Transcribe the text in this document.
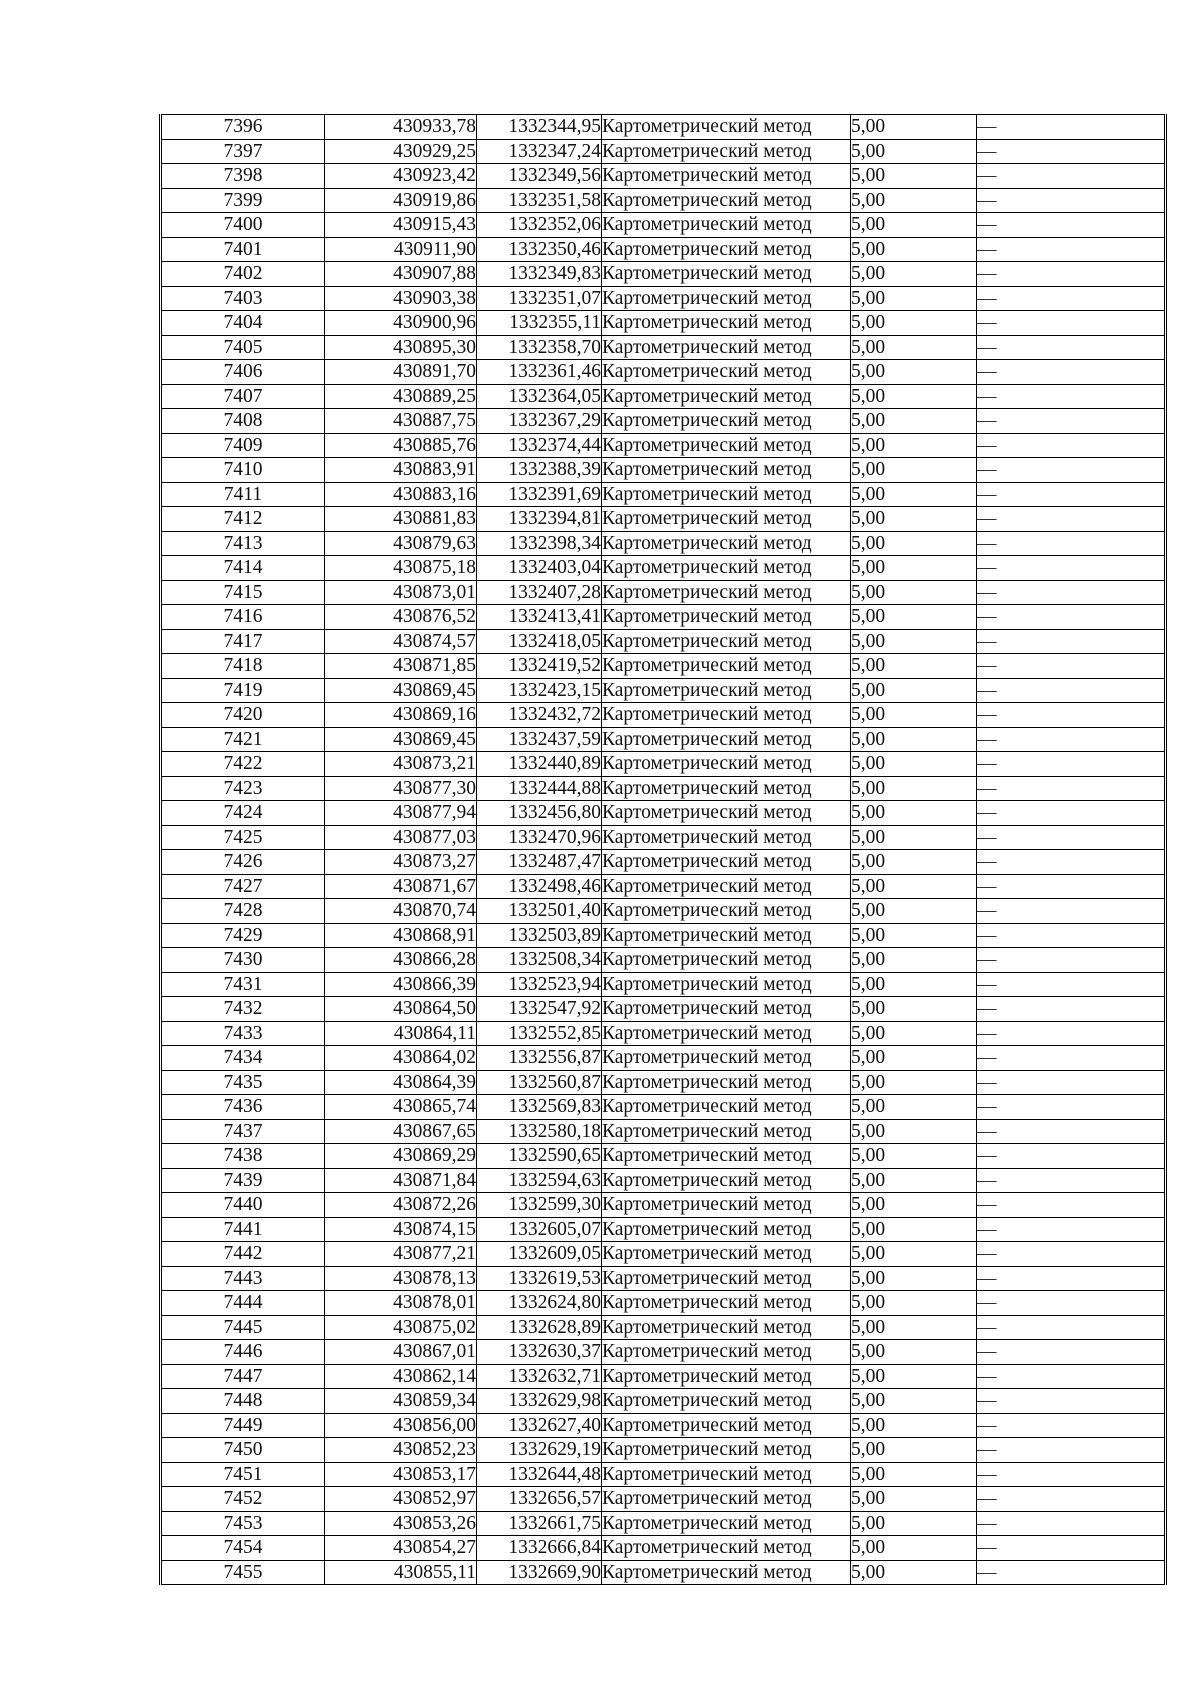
7396	430933,78	1332344,95	Картометрический метод	5,00	—
7397	430929,25	1332347,24	Картометрический метод	5,00	—
7398	430923,42	1332349,56	Картометрический метод	5,00	—
7399	430919,86	1332351,58	Картометрический метод	5,00	—
7400	430915,43	1332352,06	Картометрический метод	5,00	—
7401	430911,90	1332350,46	Картометрический метод	5,00	—
7402	430907,88	1332349,83	Картометрический метод	5,00	—
7403	430903,38	1332351,07	Картометрический метод	5,00	—
7404	430900,96	1332355,11	Картометрический метод	5,00	—
7405	430895,30	1332358,70	Картометрический метод	5,00	—
7406	430891,70	1332361,46	Картометрический метод	5,00	—
7407	430889,25	1332364,05	Картометрический метод	5,00	—
7408	430887,75	1332367,29	Картометрический метод	5,00	—
7409	430885,76	1332374,44	Картометрический метод	5,00	—
7410	430883,91	1332388,39	Картометрический метод	5,00	—
7411	430883,16	1332391,69	Картометрический метод	5,00	—
7412	430881,83	1332394,81	Картометрический метод	5,00	—
7413	430879,63	1332398,34	Картометрический метод	5,00	—
7414	430875,18	1332403,04	Картометрический метод	5,00	—
7415	430873,01	1332407,28	Картометрический метод	5,00	—
7416	430876,52	1332413,41	Картометрический метод	5,00	—
7417	430874,57	1332418,05	Картометрический метод	5,00	—
7418	430871,85	1332419,52	Картометрический метод	5,00	—
7419	430869,45	1332423,15	Картометрический метод	5,00	—
7420	430869,16	1332432,72	Картометрический метод	5,00	—
7421	430869,45	1332437,59	Картометрический метод	5,00	—
7422	430873,21	1332440,89	Картометрический метод	5,00	—
7423	430877,30	1332444,88	Картометрический метод	5,00	—
7424	430877,94	1332456,80	Картометрический метод	5,00	—
7425	430877,03	1332470,96	Картометрический метод	5,00	—
7426	430873,27	1332487,47	Картометрический метод	5,00	—
7427	430871,67	1332498,46	Картометрический метод	5,00	—
7428	430870,74	1332501,40	Картометрический метод	5,00	—
7429	430868,91	1332503,89	Картометрический метод	5,00	—
7430	430866,28	1332508,34	Картометрический метод	5,00	—
7431	430866,39	1332523,94	Картометрический метод	5,00	—
7432	430864,50	1332547,92	Картометрический метод	5,00	—
7433	430864,11	1332552,85	Картометрический метод	5,00	—
7434	430864,02	1332556,87	Картометрический метод	5,00	—
7435	430864,39	1332560,87	Картометрический метод	5,00	—
7436	430865,74	1332569,83	Картометрический метод	5,00	—
7437	430867,65	1332580,18	Картометрический метод	5,00	—
7438	430869,29	1332590,65	Картометрический метод	5,00	—
7439	430871,84	1332594,63	Картометрический метод	5,00	—
7440	430872,26	1332599,30	Картометрический метод	5,00	—
7441	430874,15	1332605,07	Картометрический метод	5,00	—
7442	430877,21	1332609,05	Картометрический метод	5,00	—
7443	430878,13	1332619,53	Картометрический метод	5,00	—
7444	430878,01	1332624,80	Картометрический метод	5,00	—
7445	430875,02	1332628,89	Картометрический метод	5,00	—
7446	430867,01	1332630,37	Картометрический метод	5,00	—
7447	430862,14	1332632,71	Картометрический метод	5,00	—
7448	430859,34	1332629,98	Картометрический метод	5,00	—
7449	430856,00	1332627,40	Картометрический метод	5,00	—
7450	430852,23	1332629,19	Картометрический метод	5,00	—
7451	430853,17	1332644,48	Картометрический метод	5,00	—
7452	430852,97	1332656,57	Картометрический метод	5,00	—
7453	430853,26	1332661,75	Картометрический метод	5,00	—
7454	430854,27	1332666,84	Картометрический метод	5,00	—
7455	430855,11	1332669,90	Картометрический метод	5,00	—
